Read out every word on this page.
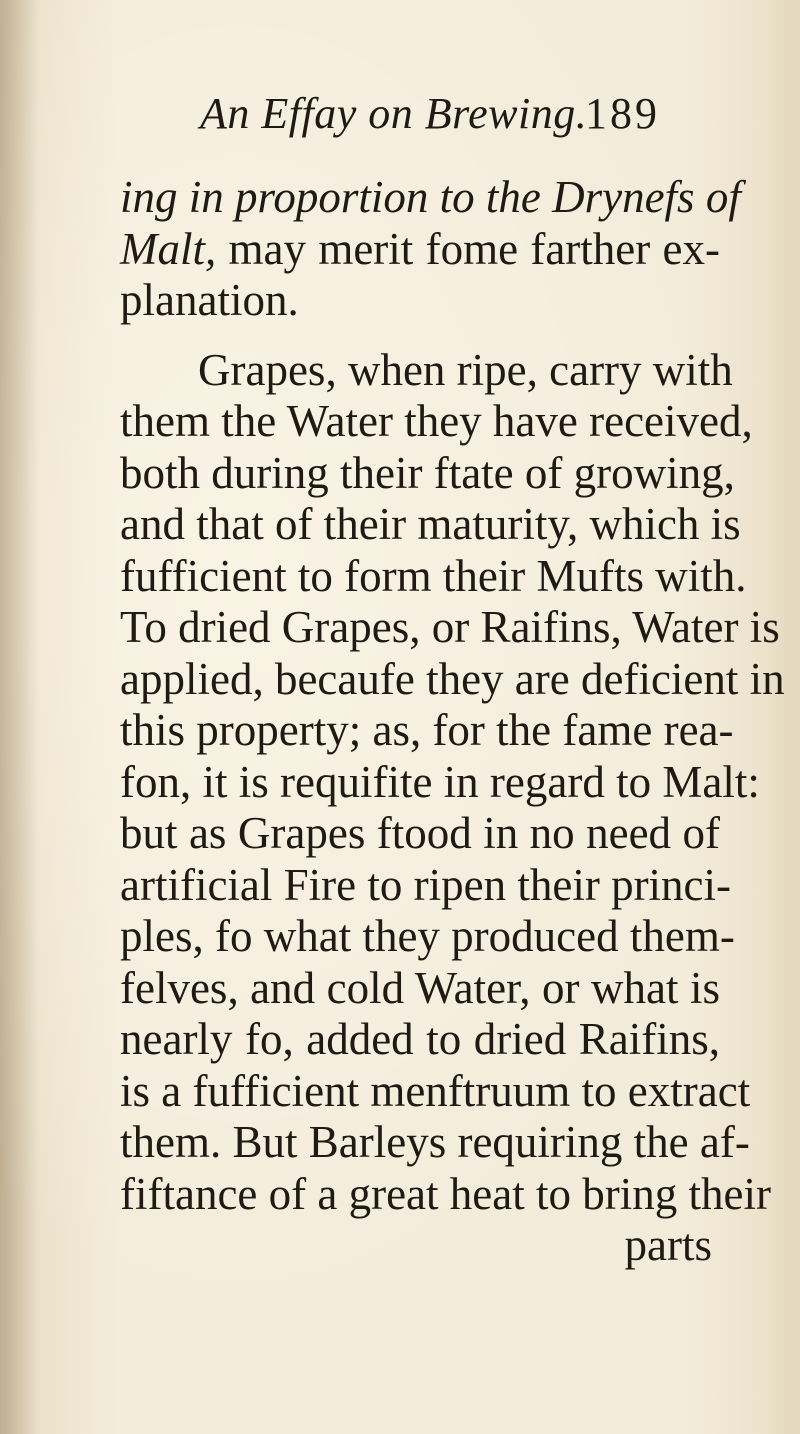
An Effay on Brewing.
189
ing in proportion to the Drynefs of
Malt, may merit fome farther ex-
planation.
Grapes, when ripe, carry with
them the Water they have received,
both during their ftate of growing,
and that of their maturity, which is
fufficient to form their Mufts with.
To dried Grapes, or Raifins, Water is
applied, becaufe they are deficient in
this property; as, for the fame rea-
fon, it is requifite in regard to Malt:
but as Grapes ftood in no need of
artificial Fire to ripen their princi-
ples, fo what they produced them-
felves, and cold Water, or what is
nearly fo, added to dried Raifins,
is a fufficient menftruum to extract
them. But Barleys requiring the af-
fiftance of a great heat to bring their
parts
